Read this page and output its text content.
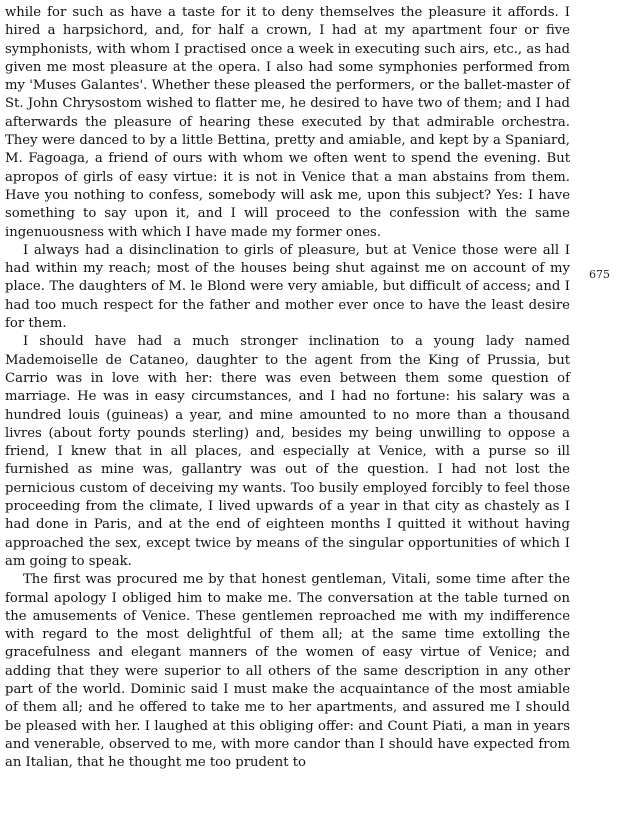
while for such as have a taste for it to deny themselves the pleasure it affords. I hired a harpsichord, and, for half a crown, I had at my apartment four or five symphonists, with whom I practised once a week in executing such airs, etc., as had given me most pleasure at the opera. I also had some symphonies performed from my 'Muses Galantes'. Whether these pleased the performers, or the ballet-master of St. John Chrysostom wished to flatter me, he desired to have two of them; and I had afterwards the pleasure of hearing these executed by that admirable orchestra. They were danced to by a little Bettina, pretty and amiable, and kept by a Spaniard, M. Fagoaga, a friend of ours with whom we often went to spend the evening. But apropos of girls of easy virtue: it is not in Venice that a man abstains from them. Have you nothing to confess, somebody will ask me, upon this subject? Yes: I have something to say upon it, and I will proceed to the confession with the same ingenuousness with which I have made my former ones.

I always had a disinclination to girls of pleasure, but at Venice those were all I had within my reach; most of the houses being shut against me on account of my place. The daughters of M. le Blond were very amiable, but difficult of access; and I had too much respect for the father and mother ever once to have the least desire for them.

I should have had a much stronger inclination to a young lady named Mademoiselle de Cataneo, daughter to the agent from the King of Prussia, but Carrio was in love with her: there was even between them some question of marriage. He was in easy circumstances, and I had no fortune: his salary was a hundred louis (guineas) a year, and mine amounted to no more than a thousand livres (about forty pounds sterling) and, besides my being unwilling to oppose a friend, I knew that in all places, and especially at Venice, with a purse so ill furnished as mine was, gallantry was out of the question. I had not lost the pernicious custom of deceiving my wants. Too busily employed forcibly to feel those proceeding from the climate, I lived upwards of a year in that city as chastely as I had done in Paris, and at the end of eighteen months I quitted it without having approached the sex, except twice by means of the singular opportunities of which I am going to speak.

The first was procured me by that honest gentleman, Vitali, some time after the formal apology I obliged him to make me. The conversation at the table turned on the amusements of Venice. These gentlemen reproached me with my indifference with regard to the most delightful of them all; at the same time extolling the gracefulness and elegant manners of the women of easy virtue of Venice; and adding that they were superior to all others of the same description in any other part of the world. Dominic said I must make the acquaintance of the most amiable of them all; and he offered to take me to her apartments, and assured me I should be pleased with her. I laughed at this obliging offer: and Count Piati, a man in years and venerable, observed to me, with more candor than I should have expected from an Italian, that he thought me too prudent to

675
